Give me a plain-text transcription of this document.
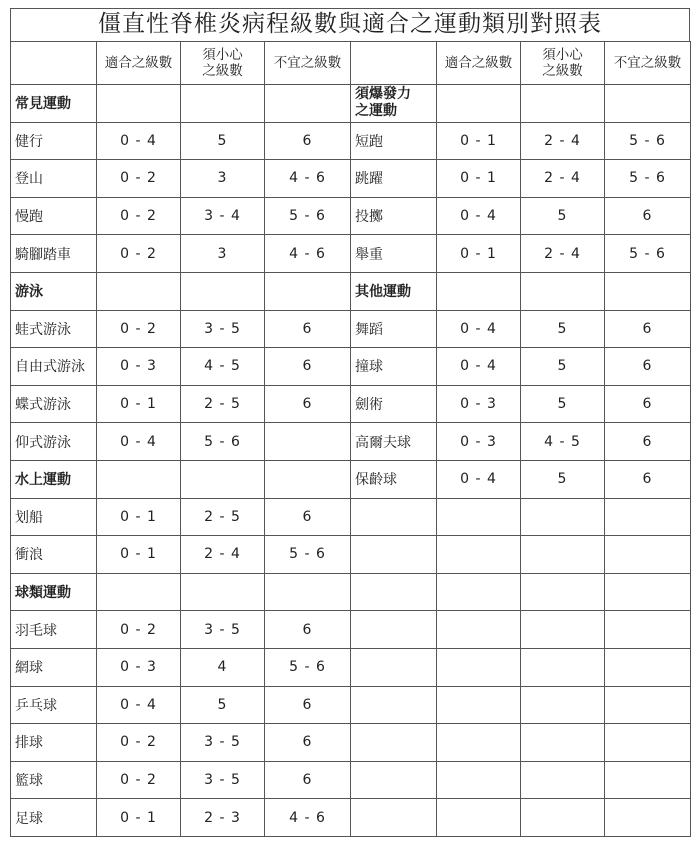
僵直性脊椎炎病程級數與適合之運動類別對照表
	適合之級數	須小心
之級數	不宜之級數		適合之級數	須小心
之級數	不宜之級數
常見運動				須爆發力
之運動			
健行	0 - 4	5	6	短跑	0 - 1	2 - 4	5 - 6
登山	0 - 2	3	4 - 6	跳躍	0 - 1	2 - 4	5 - 6
慢跑	0 - 2	3 - 4	5 - 6	投擲	0 - 4	5	6
騎腳踏車	0 - 2	3	4 - 6	舉重	0 - 1	2 - 4	5 - 6
游泳				其他運動			
蛙式游泳	0 - 2	3 - 5	6	舞蹈	0 - 4	5	6
自由式游泳	0 - 3	4 - 5	6	撞球	0 - 4	5	6
蝶式游泳	0 - 1	2 - 5	6	劍術	0 - 3	5	6
仰式游泳	0 - 4	5 - 6		高爾夫球	0 - 3	4 - 5	6
水上運動				保齡球	0 - 4	5	6
划船	0 - 1	2 - 5	6				
衝浪	0 - 1	2 - 4	5 - 6				
球類運動							
羽毛球	0 - 2	3 - 5	6				
網球	0 - 3	4	5 - 6				
乒乓球	0 - 4	5	6				
排球	0 - 2	3 - 5	6				
籃球	0 - 2	3 - 5	6				
足球	0 - 1	2 - 3	4 - 6				
